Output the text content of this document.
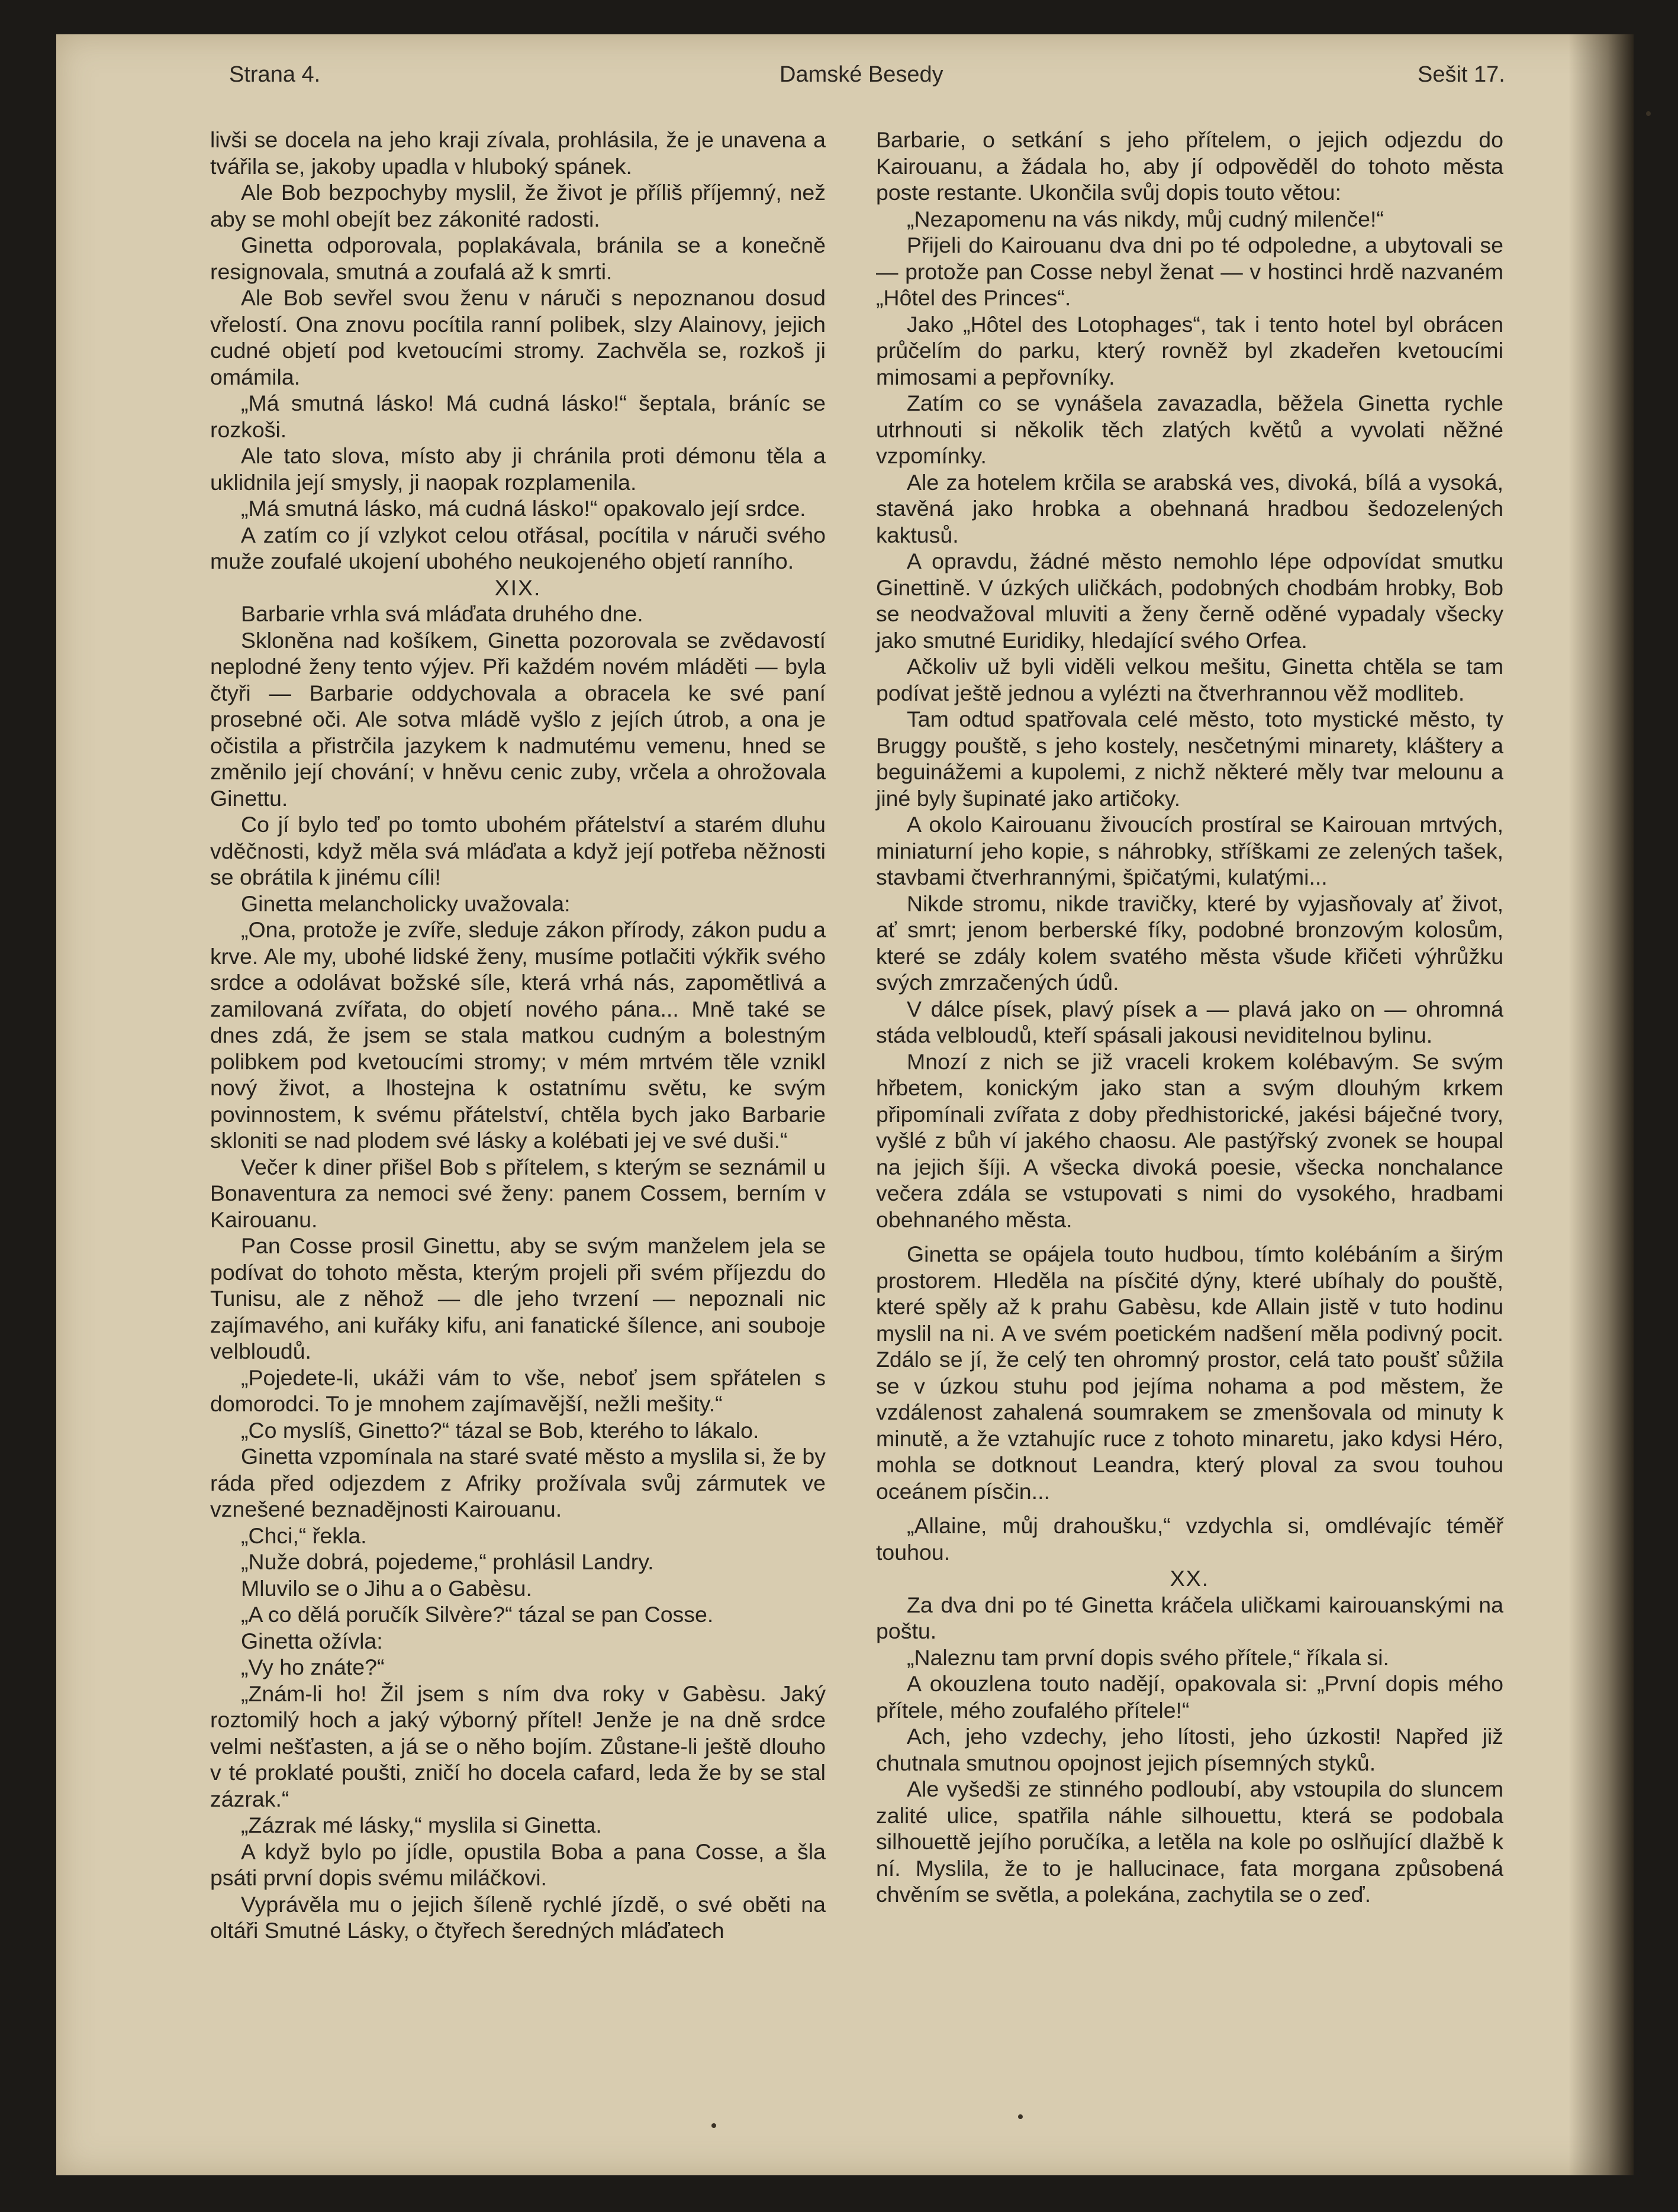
Strana 4.	Damské Besedy	Sešit 17.

livši se docela na jeho kraji zívala, prohlásila, že je unavena a tvářila se, jakoby upadla v hluboký spánek.

Ale Bob bezpochyby myslil, že život je příliš příjemný, než aby se mohl obejít bez zákonité radosti.

Ginetta odporovala, poplakávala, bránila se a konečně resignovala, smutná a zoufalá až k smrti.

Ale Bob sevřel svou ženu v náruči s nepoznanou dosud vřelostí. Ona znovu pocítila ranní polibek, slzy Alainovy, jejich cudné objetí pod kvetoucími stromy. Zachvěla se, rozkoš ji omámila.

„Má smutná lásko! Má cudná lásko!“ šeptala, bráníc se rozkoši.

Ale tato slova, místo aby ji chránila proti démonu těla a uklidnila její smysly, ji naopak rozplamenila.

„Má smutná lásko, má cudná lásko!“ opakovalo její srdce.

A zatím co jí vzlykot celou otřásal, pocítila v náruči svého muže zoufalé ukojení ubohého neukojeného objetí ranního.

XIX.

Barbarie vrhla svá mláďata druhého dne.

Skloněna nad košíkem, Ginetta pozorovala se zvědavostí neplodné ženy tento výjev. Při každém novém mláděti — byla čtyři — Barbarie oddychovala a obracela ke své paní prosebné oči. Ale sotva mládě vyšlo z jejích útrob, a ona je očistila a přistrčila jazykem k nadmutému vemenu, hned se změnilo její chování; v hněvu cenic zuby, vrčela a ohrožovala Ginettu.

Co jí bylo teď po tomto ubohém přátelství a starém dluhu vděčnosti, když měla svá mláďata a když její potřeba něžnosti se obrátila k jinému cíli!

Ginetta melancholicky uvažovala:

„Ona, protože je zvíře, sleduje zákon přírody, zákon pudu a krve. Ale my, ubohé lidské ženy, musíme potlačiti výkřik svého srdce a odolávat božské síle, která vrhá nás, zapomětlivá a zamilovaná zvířata, do objetí nového pána... Mně také se dnes zdá, že jsem se stala matkou cudným a bolestným polibkem pod kvetoucími stromy; v mém mrtvém těle vznikl nový život, a lhostejna k ostatnímu světu, ke svým povinnostem, k svému přátelství, chtěla bych jako Barbarie skloniti se nad plodem své lásky a kolébati jej ve své duši.“

Večer k diner přišel Bob s přítelem, s kterým se seznámil u Bonaventura za nemoci své ženy: panem Cossem, berním v Kairouanu.

Pan Cosse prosil Ginettu, aby se svým manželem jela se podívat do tohoto města, kterým projeli při svém příjezdu do Tunisu, ale z něhož — dle jeho tvrzení — nepoznali nic zajímavého, ani kuřáky kifu, ani fanatické šílence, ani souboje velbloudů.

„Pojedete-li, ukáži vám to vše, neboť jsem spřátelen s domorodci. To je mnohem zajímavější, nežli mešity.“

„Co myslíš, Ginetto?“ tázal se Bob, kterého to lákalo.

Ginetta vzpomínala na staré svaté město a myslila si, že by ráda před odjezdem z Afriky prožívala svůj zármutek ve vznešené beznadějnosti Kairouanu.

„Chci,“ řekla.

„Nuže dobrá, pojedeme,“ prohlásil Landry.

Mluvilo se o Jihu a o Gabèsu.

„A co dělá poručík Silvère?“ tázal se pan Cosse.

Ginetta ožívla:

„Vy ho znáte?“

„Znám-li ho! Žil jsem s ním dva roky v Gabèsu. Jaký roztomilý hoch a jaký výborný přítel! Jenže je na dně srdce velmi nešťasten, a já se o něho bojím. Zůstane-li ještě dlouho v té proklaté poušti, zničí ho docela cafard, leda že by se stal zázrak.“

„Zázrak mé lásky,“ myslila si Ginetta.

A když bylo po jídle, opustila Boba a pana Cosse, a šla psáti první dopis svému miláčkovi.

Vyprávěla mu o jejich šíleně rychlé jízdě, o své oběti na oltáři Smutné Lásky, o čtyřech šeredných mláďatech

Barbarie, o setkání s jeho přítelem, o jejich odjezdu do Kairouanu, a žádala ho, aby jí odpověděl do tohoto města poste restante. Ukončila svůj dopis touto větou:

„Nezapomenu na vás nikdy, můj cudný milenče!“

Přijeli do Kairouanu dva dni po té odpoledne, a ubytovali se — protože pan Cosse nebyl ženat — v hostinci hrdě nazvaném „Hôtel des Princes“.

Jako „Hôtel des Lotophages“, tak i tento hotel byl obrácen průčelím do parku, který rovněž byl zkadeřen kvetoucími mimosami a pepřovníky.

Zatím co se vynášela zavazadla, běžela Ginetta rychle utrhnouti si několik těch zlatých květů a vyvolati něžné vzpomínky.

Ale za hotelem krčila se arabská ves, divoká, bílá a vysoká, stavěná jako hrobka a obehnaná hradbou šedozelených kaktusů.

A opravdu, žádné město nemohlo lépe odpovídat smutku Ginettině. V úzkých uličkách, podobných chodbám hrobky, Bob se neodvažoval mluviti a ženy černě oděné vypadaly všecky jako smutné Euridiky, hledající svého Orfea.

Ačkoliv už byli viděli velkou mešitu, Ginetta chtěla se tam podívat ještě jednou a vylézti na čtverhrannou věž modliteb.

Tam odtud spatřovala celé město, toto mystické město, ty Bruggy pouště, s jeho kostely, nesčetnými minarety, kláštery a beguinážemi a kupolemi, z nichž některé měly tvar melounu a jiné byly šupinaté jako artičoky.

A okolo Kairouanu živoucích prostíral se Kairouan mrtvých, miniaturní jeho kopie, s náhrobky, stříškami ze zelených tašek, stavbami čtverhrannými, špičatými, kulatými...

Nikde stromu, nikde travičky, které by vyjasňovaly ať život, ať smrt; jenom berberské fíky, podobné bronzovým kolosům, které se zdály kolem svatého města všude křičeti výhrůžku svých zmrzačených údů.

V dálce písek, plavý písek a — plavá jako on — ohromná stáda velbloudů, kteří spásali jakousi neviditelnou bylinu.

Mnozí z nich se již vraceli krokem kolébavým. Se svým hřbetem, konickým jako stan a svým dlouhým krkem připomínali zvířata z doby předhistorické, jakési báječné tvory, vyšlé z bůh ví jakého chaosu. Ale pastýřský zvonek se houpal na jejich šíji. A všecka divoká poesie, všecka nonchalance večera zdála se vstupovati s nimi do vysokého, hradbami obehnaného města.

Ginetta se opájela touto hudbou, tímto kolébáním a širým prostorem. Hleděla na písčité dýny, které ubíhaly do pouště, které spěly až k prahu Gabèsu, kde Allain jistě v tuto hodinu myslil na ni. A ve svém poetickém nadšení měla podivný pocit. Zdálo se jí, že celý ten ohromný prostor, celá tato poušť sůžila se v úzkou stuhu pod jejíma nohama a pod městem, že vzdálenost zahalená soumrakem se zmenšovala od minuty k minutě, a že vztahujíc ruce z tohoto minaretu, jako kdysi Héro, mohla se dotknout Leandra, který ploval za svou touhou oceánem písčin...

„Allaine, můj drahoušku,“ vzdychla si, omdlévajíc téměř touhou.

XX.

Za dva dni po té Ginetta kráčela uličkami kairouanskými na poštu.

„Naleznu tam první dopis svého přítele,“ říkala si.

A okouzlena touto nadějí, opakovala si: „První dopis mého přítele, mého zoufalého přítele!“

Ach, jeho vzdechy, jeho lítosti, jeho úzkosti! Napřed již chutnala smutnou opojnost jejich písemných styků.

Ale vyšedši ze stinného podloubí, aby vstoupila do sluncem zalité ulice, spatřila náhle silhouettu, která se podobala silhouettě jejího poručíka, a letěla na kole po oslňující dlažbě k ní. Myslila, že to je hallucinace, fata morgana způsobená chvěním se světla, a polekána, zachytila se o zeď.
